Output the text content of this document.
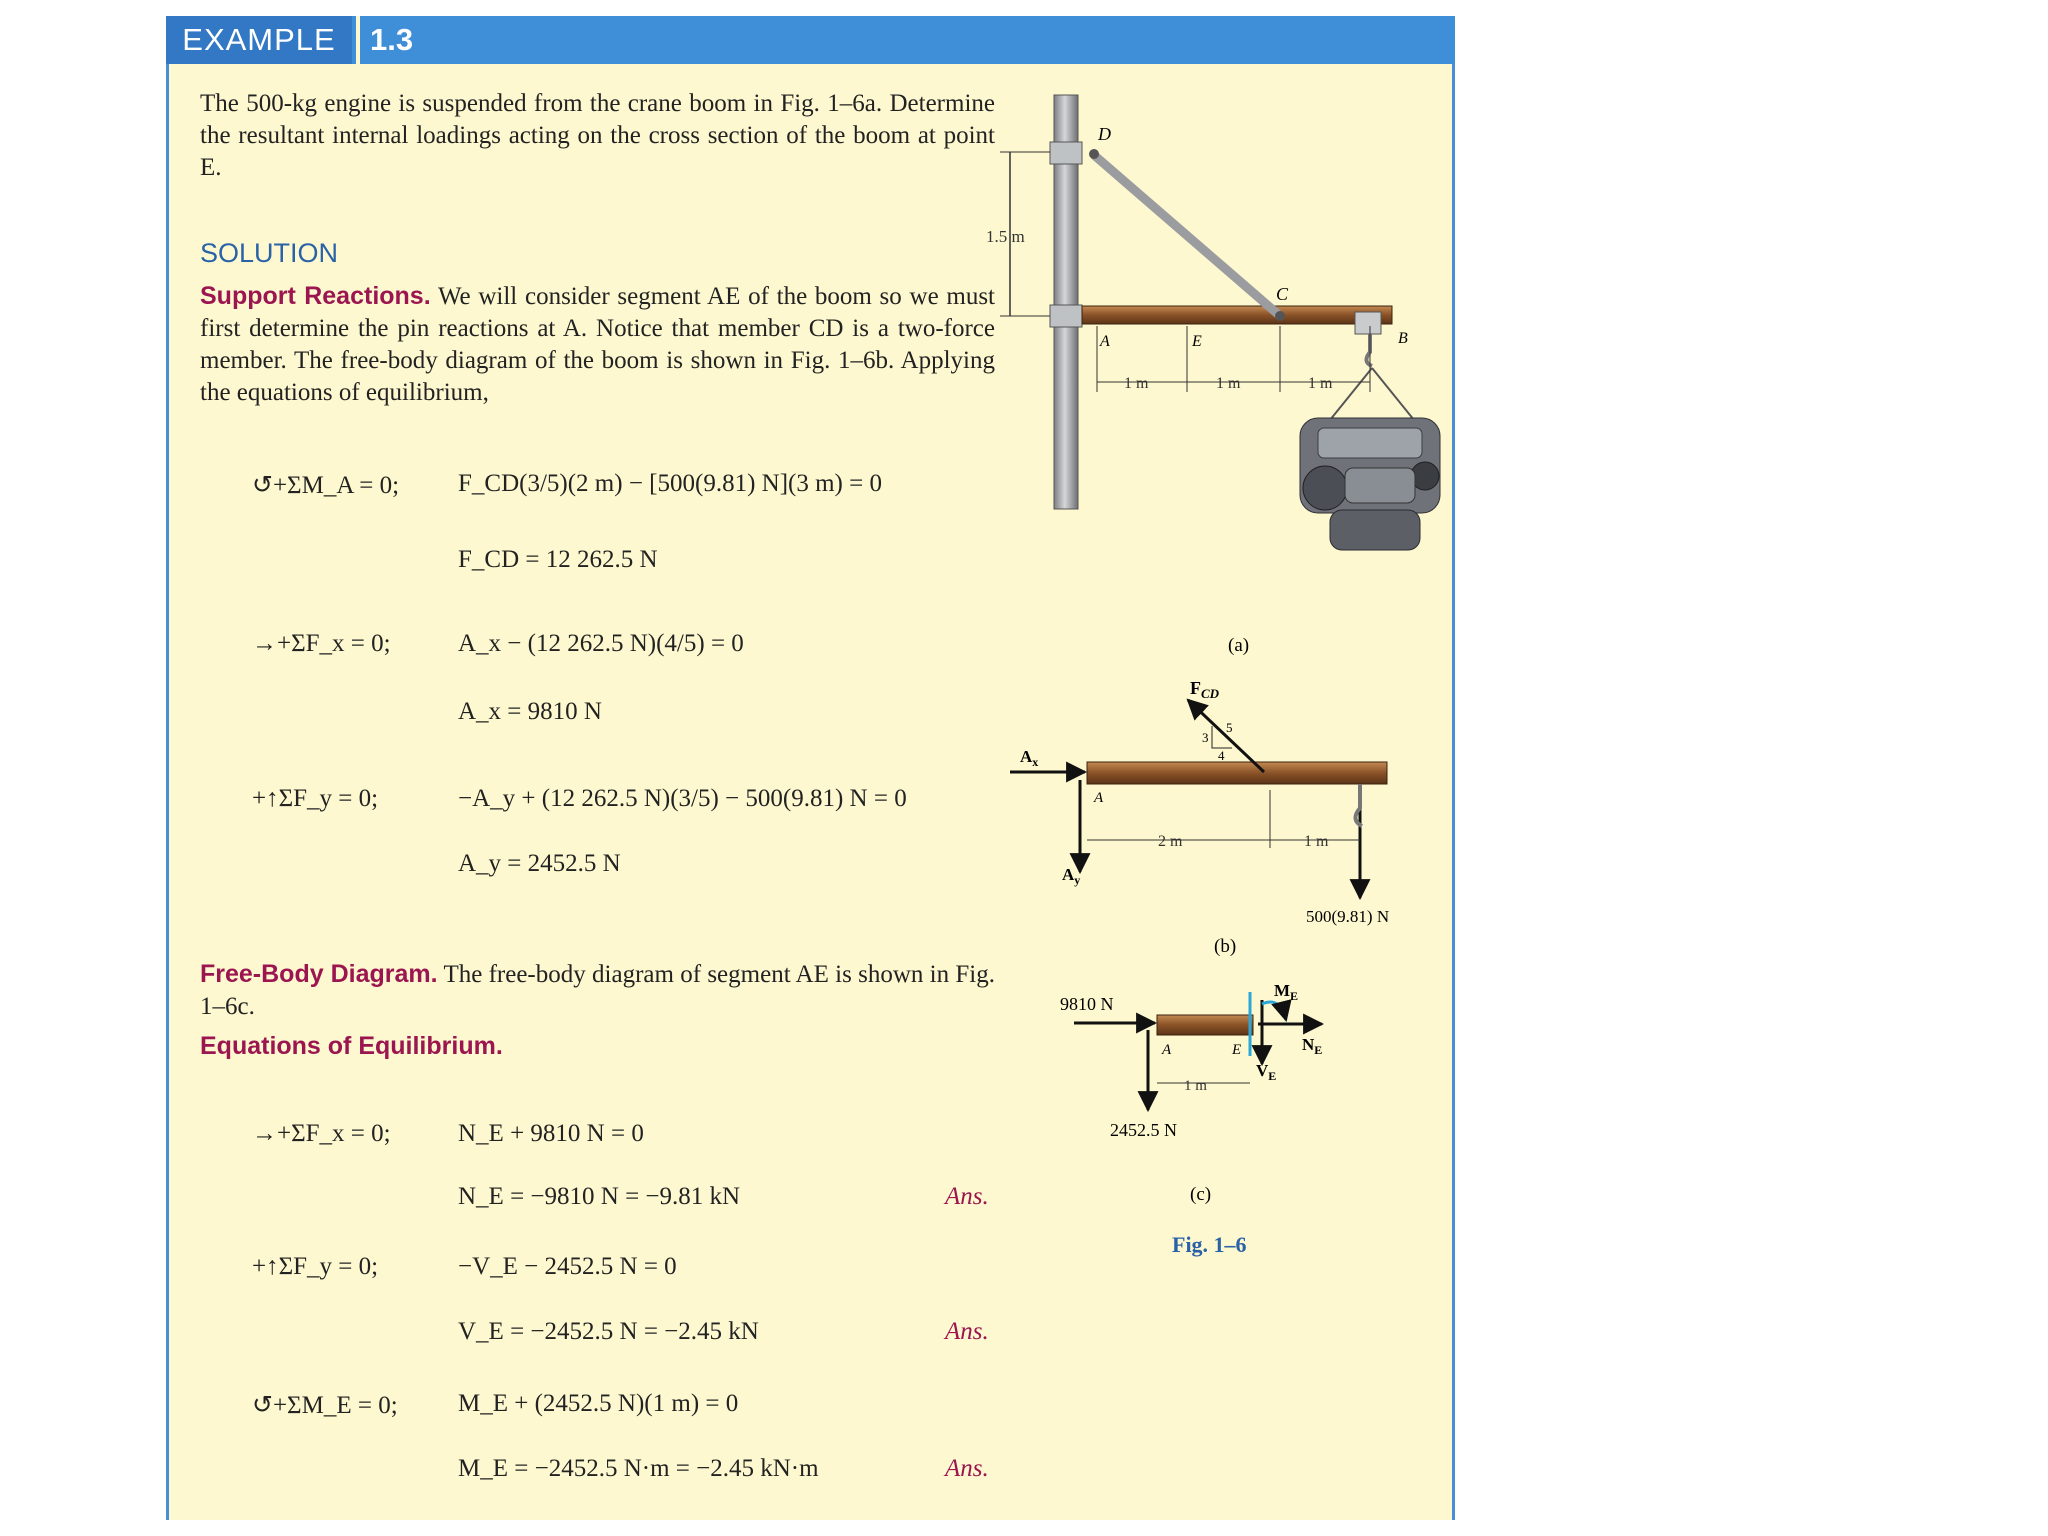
EXAMPLE	1.3
The 500-kg engine is suspended from the crane boom in Fig. 1–6a. Determine the resultant internal loadings acting on the cross section of the boom at point E.
SOLUTION
Support Reactions. We will consider segment AE of the boom so we must first determine the pin reactions at A. Notice that member CD is a two-force member. The free-body diagram of the boom is shown in Fig. 1–6b. Applying the equations of equilibrium,
↺+ΣM_A = 0; F_CD(3/5)(2 m) − [500(9.81) N](3 m) = 0
F_CD = 12 262.5 N
→+ΣF_x = 0;	A_x − (12 262.5 N)(4/5) = 0
A_x = 9810 N
+↑ΣF_y = 0;	−A_y + (12 262.5 N)(3/5) − 500(9.81) N = 0
A_y = 2452.5 N
Free-Body Diagram. The free-body diagram of segment AE is shown in Fig. 1–6c.
Equations of Equilibrium.
→+ΣF_x = 0;	N_E + 9810 N = 0
N_E = −9810 N = −9.81 kN	Ans.
+↑ΣF_y = 0;	−V_E − 2452.5 N = 0
V_E = −2452.5 N = −2.45 kN	Ans.
↺+ΣM_E = 0; M_E + (2452.5 N)(1 m) = 0
M_E = −2452.5 N·m = −2.45 kN·m	Ans.
1.5 m
D
C
A	E	B
1 m	1 m	1 m
(a)
3
4
5
$F_{CD}$
$A_x$
$A_y$
A
2 m	1 m
500(9.81) N
(b)
9810 N
A	E
1 m
2452.5 N
$M_E$
$N_E$
$V_E$
(c)
Fig. 1–6
